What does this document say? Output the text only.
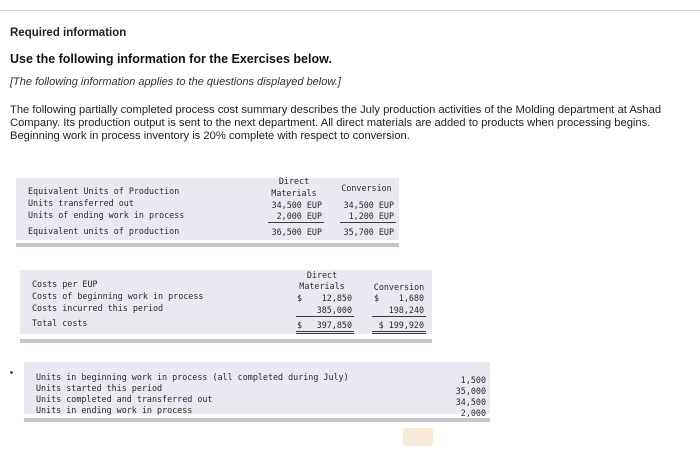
Required information
Use the following information for the Exercises below.
[The following information applies to the questions displayed below.]
The following partially completed process cost summary describes the July production activities of the Molding department at Ashad Company. Its production output is sent to the next department. All direct materials are added to products when processing begins. Beginning work in process inventory is 20% complete with respect to conversion.
Direct
Materials	Conversion
Equivalent Units of Production
Units transferred out	34,500 EUP	34,500 EUP
Units of ending work in process	2,000 EUP	1,200 EUP
Equivalent units of production	36,500 EUP	35,700 EUP
Direct
Materials	Conversion
Costs per EUP
Costs of beginning work in process	$	12,850	$	1,680
Costs incurred this period	385,000	198,240
Total costs	$	397,850	$ 199,920
Units in beginning work in process (all completed during July)	1,500
Units started this period	35,000
Units completed and transferred out	34,500
Units in ending work in process	2,000
